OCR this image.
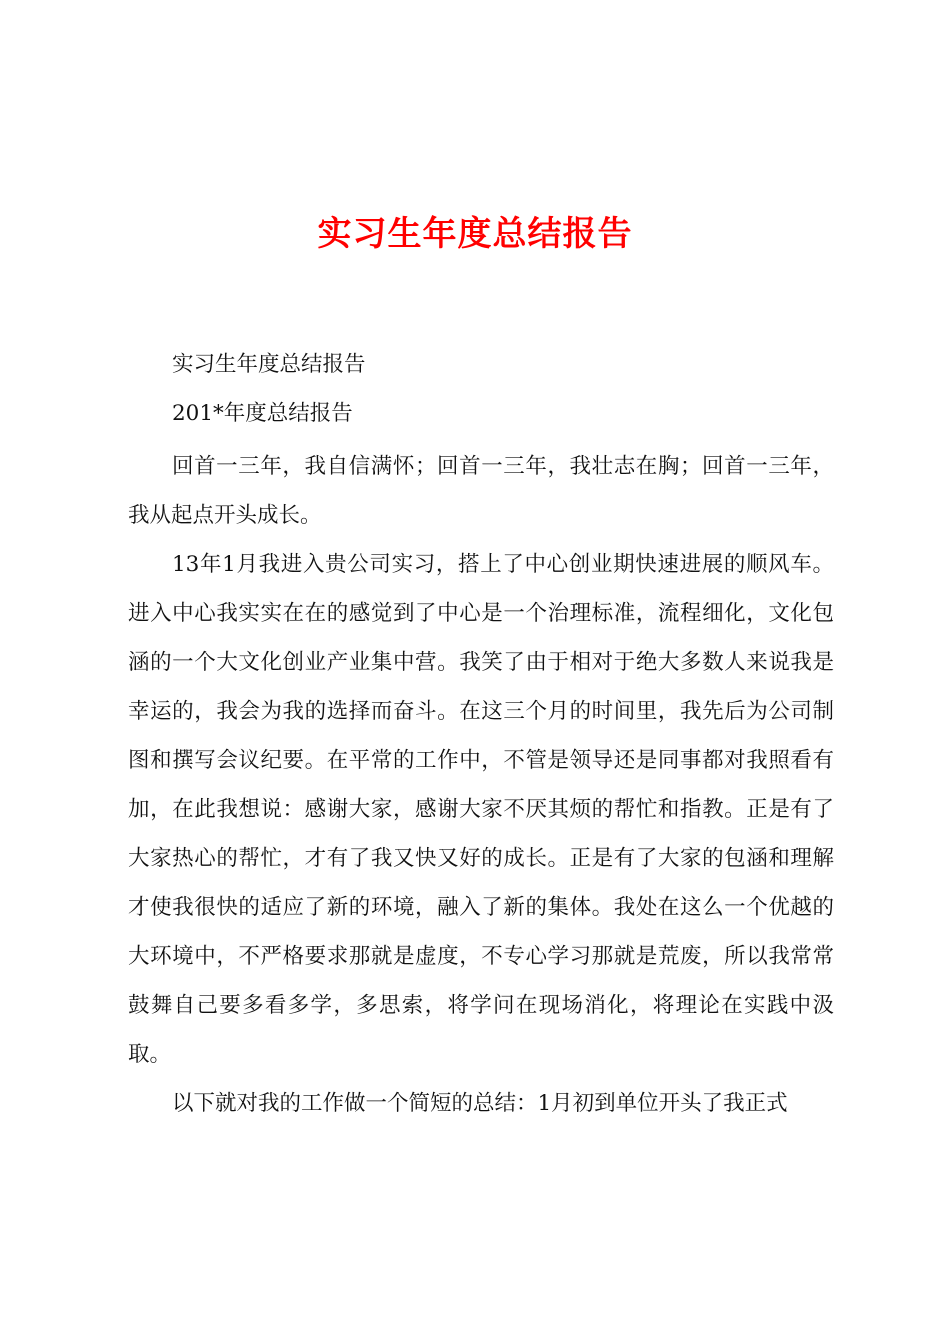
实习生年度总结报告

实习生年度总结报告

201*年度总结报告

回首一三年，我自信满怀；回首一三年，我壮志在胸；回首一三年，我从起点开头成长。

13年1月我进入贵公司实习，搭上了中心创业期快速进展的顺风车。进入中心我实实在在的感觉到了中心是一个治理标准，流程细化，文化包涵的一个大文化创业产业集中营。我笑了由于相对于绝大多数人来说我是幸运的，我会为我的选择而奋斗。在这三个月的时间里，我先后为公司制图和撰写会议纪要。在平常的工作中，不管是领导还是同事都对我照看有加，在此我想说：感谢大家，感谢大家不厌其烦的帮忙和指教。正是有了大家热心的帮忙，才有了我又快又好的成长。正是有了大家的包涵和理解才使我很快的适应了新的环境，融入了新的集体。我处在这么一个优越的大环境中，不严格要求那就是虚度，不专心学习那就是荒废，所以我常常鼓舞自己要多看多学，多思索，将学问在现场消化，将理论在实践中汲取。

以下就对我的工作做一个简短的总结：1月初到单位开头了我正式
